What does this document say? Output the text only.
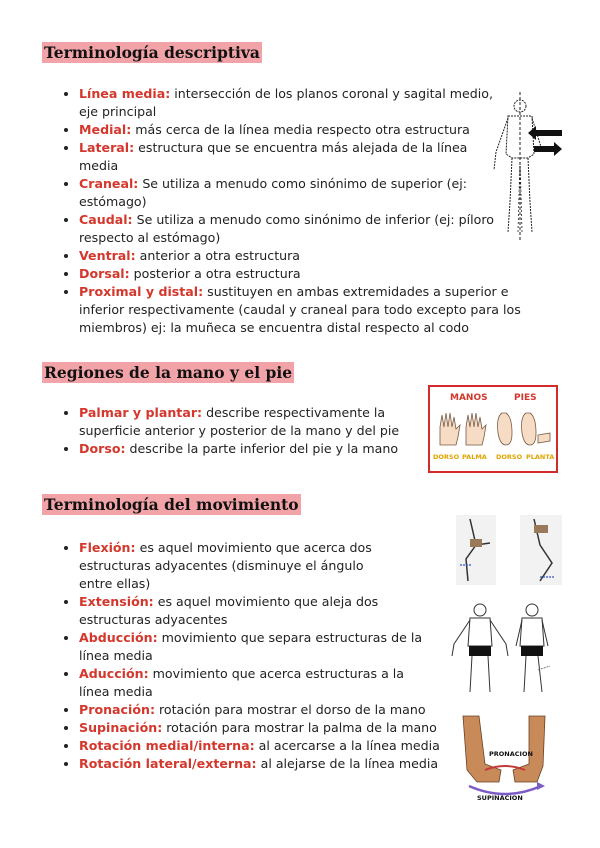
Terminología descriptiva
• Línea media: intersección de los planos coronal y sagital medio, eje principal
• Medial: más cerca de la línea media respecto otra estructura
• Lateral: estructura que se encuentra más alejada de la línea media
• Craneal: Se utiliza a menudo como sinónimo de superior (ej: estómago)
• Caudal: Se utiliza a menudo como sinónimo de inferior (ej: píloro respecto al estómago)
• Ventral: anterior a otra estructura
• Dorsal: posterior a otra estructura
• Proximal y distal: sustituyen en ambas extremidades a superior e inferior respectivamente (caudal y craneal para todo excepto para los miembros) ej: la muñeca se encuentra distal respecto al codo
medial
Regiones de la mano y el pie
• Palmar y plantar: describe respectivamente la superficie anterior y posterior de la mano y del pie
• Dorso: describe la parte inferior del pie y la mano
MANOS	PIES
DORSO PALMA DORSO PLANTA
Terminología del movimiento
• Flexión: es aquel movimiento que acerca dos estructuras adyacentes (disminuye el ángulo entre ellas)
• Extensión: es aquel movimiento que aleja dos estructuras adyacentes
• Abducción: movimiento que separa estructuras de la línea media
• Aducción: movimiento que acerca estructuras a la línea media
• Pronación: rotación para mostrar el dorso de la mano
• Supinación: rotación para mostrar la palma de la mano
• Rotación medial/interna: al acercarse a la línea media
• Rotación lateral/externa: al alejarse de la línea media
PRONACION
SUPINACION
